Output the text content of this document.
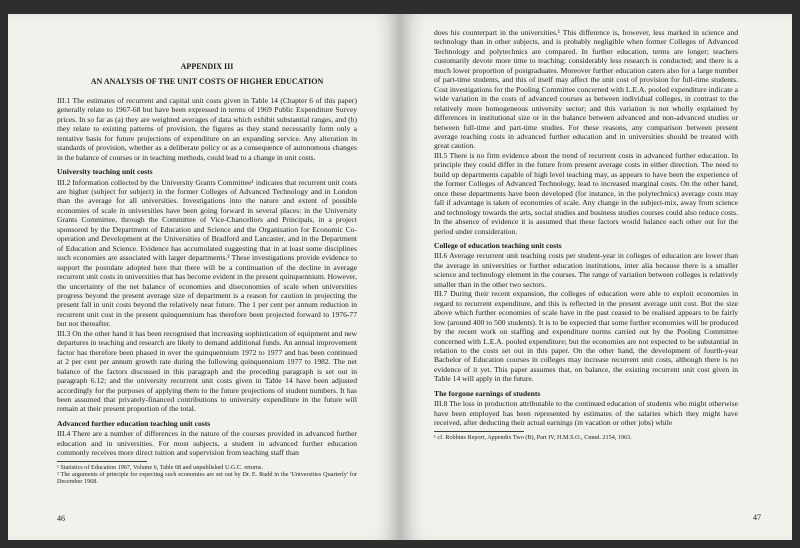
APPENDIX III

AN ANALYSIS OF THE UNIT COSTS OF HIGHER EDUCATION

III.1 The estimates of recurrent and capital unit costs given in Table 14 (Chapter 6 of this paper) generally relate to 1967-68 but have been expressed in terms of 1969 Public Expenditure Survey prices. In so far as (a) they are weighted averages of data which exhibit substantial ranges, and (b) they relate to existing patterns of provision, the figures as they stand necessarily form only a tentative basis for future projections of expenditure on an expanding service. Any alteration in standards of provision, whether as a deliberate policy or as a consequence of autonomous changes in the balance of courses or in teaching methods, could lead to a change in unit costs.

University teaching unit costs

III.2 Information collected by the University Grants Committee¹ indicates that recurrent unit costs are higher (subject for subject) in the former Colleges of Advanced Technology and in London than the average for all universities. Investigations into the nature and extent of possible economies of scale in universities have been going forward in several places: in the University Grants Committee, through the Committee of Vice-Chancellors and Principals, in a project sponsored by the Department of Education and Science and the Organisation for Economic Co-operation and Development at the Universities of Bradford and Lancaster, and in the Department of Education and Science. Evidence has accumulated suggesting that in at least some disciplines such economies are associated with larger departments.² These investigations provide evidence to support the postulate adopted here that there will be a continuation of the decline in average recurrent unit costs in universities that has become evident in the present quinquennium. However, the uncertainty of the net balance of economies and diseconomies of scale when universities progress beyond the present average size of department is a reason for caution in projecting the present fall in unit costs beyond the relatively near future. The 1 per cent per annum reduction in recurrent unit cost in the present quinquennium has therefore been projected forward to 1976-77 but not thereafter.

III.3 On the other hand it has been recognised that increasing sophistication of equipment and new departures in teaching and research are likely to demand additional funds. An annual improvement factor has therefore been phased in over the quinquennium 1972 to 1977 and has been continued at 2 per cent per annum growth rate during the following quinquennium 1977 to 1982. The net balance of the factors discussed in this paragraph and the preceding paragraph is set out in paragraph 6.12; and the university recurrent unit costs given in Table 14 have been adjusted accordingly for the purposes of applying them to the future projections of student numbers. It has been assumed that privately-financed contributions to university expenditure in the future will remain at their present proportion of the total.

Advanced further education teaching unit costs

III.4 There are a number of differences in the nature of the courses provided in advanced further education and in universities. For most subjects, a student in advanced further education commonly receives more direct tuition and supervision from teaching staff than

¹ Statistics of Education 1967, Volume 6, Table 68 and unpublished U.G.C. returns.

² The arguments of principle for expecting such economies are set out by Dr. E. Rudd in the 'Universities Quarterly' for December 1968.

46

does his counterpart in the universities.¹ This difference is, however, less marked in science and technology than in other subjects, and is probably negligible when former Colleges of Advanced Technology and polytechnics are compared. In further education, terms are longer; teachers customarily devote more time to teaching; considerably less research is conducted; and there is a much lower proportion of postgraduates. Moreover further education caters also for a large number of part-time students, and this of itself may affect the unit cost of provision for full-time students. Cost investigations for the Pooling Committee concerned with L.E.A. pooled expenditure indicate a wide variation in the costs of advanced courses as between individual colleges, in contrast to the relatively more homogeneous university sector; and this variation is not wholly explained by differences in institutional size or in the balance between advanced and non-advanced studies or between full-time and part-time studies. For these reasons, any comparison between present average teaching costs in advanced further education and in universities should be treated with great caution.

III.5 There is no firm evidence about the trend of recurrent costs in advanced further education. In principle they could differ in the future from present average costs in either direction. The need to build up departments capable of high level teaching may, as appears to have been the experience of the former Colleges of Advanced Technology, lead to increased marginal costs. On the other hand, once these departments have been developed (for instance, in the polytechnics) average costs may fall if advantage is taken of economies of scale. Any change in the subject-mix, away from science and technology towards the arts, social studies and business studies courses could also reduce costs. In the absence of evidence it is assumed that these factors would balance each other out for the period under consideration.

College of education teaching unit costs

III.6 Average recurrent unit teaching costs per student-year in colleges of education are lower than the average in universities or further education institutions, inter alia because there is a smaller science and technology element in the courses. The range of variation between colleges is relatively smaller than in the other two sectors.

III.7 During their recent expansion, the colleges of education were able to exploit economies in regard to recurrent expenditure, and this is reflected in the present average unit cost. But the size above which further economies of scale have in the past ceased to be realised appears to be fairly low (around 400 to 500 students). It is to be expected that some further economies will be produced by the recent work on staffing and expenditure norms carried out by the Pooling Committee concerned with L.E.A. pooled expenditure; but the economies are not expected to be substantial in relation to the costs set out in this paper. On the other hand, the development of fourth-year Bachelor of Education courses in colleges may increase recurrent unit costs, although there is no evidence of it yet. This paper assumes that, on balance, the existing recurrent unit cost given in Table 14 will apply in the future.

The forgone earnings of students

III.8 The loss in production attributable to the continued education of students who might otherwise have been employed has been represented by estimates of the salaries which they might have received, after deducting their actual earnings (in vacation or other jobs) while

¹ cf. Robbins Report, Appendix Two (B), Part IV, H.M.S.O., Cmnd. 2154, 1963.

47
